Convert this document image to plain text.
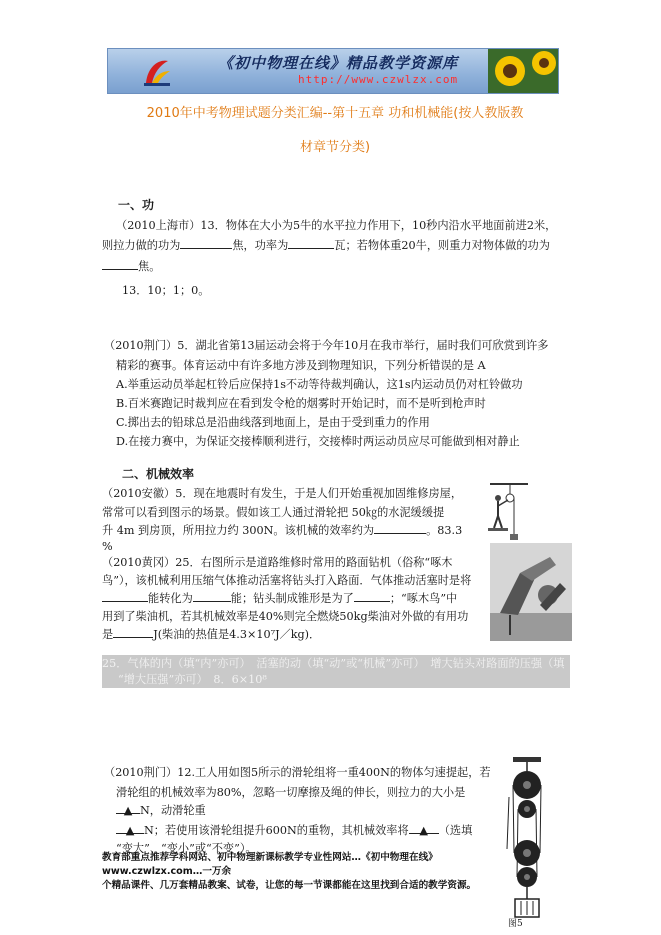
《初中物理在线》精品教学资源库
http://www.czwlzx.com
2010年中考物理试题分类汇编--第十五章 功和机械能(按人教版教
材章节分类)
一、功
（2010上海市）13．物体在大小为5牛的水平拉力作用下，10秒内沿水平地面前进2米，
则拉力做的功为	焦，功率为	瓦；若物体重20牛，则重力对物体做的功为
焦。
13．10；1；0。
（2010荆门）5．湖北省第13届运动会将于今年10月在我市举行，届时我们可欣赏到许多
精彩的赛事。体育运动中有许多地方涉及到物理知识，下列分析错误的是 A
A.举重运动员举起杠铃后应保持1s不动等待裁判确认，这1s内运动员仍对杠铃做功
B.百米赛跑记时裁判应在看到发令枪的烟雾时开始记时，而不是听到枪声时
C.掷出去的铅球总是沿曲线落到地面上，是由于受到重力的作用
D.在接力赛中，为保证交接棒顺利进行，交接棒时两运动员应尽可能做到相对静止
二、机械效率
（2010安徽）5．现在地震时有发生，于是人们开始重视加固维修房屋，
常常可以看到图示的场景。假如该工人通过滑轮把 50㎏的水泥缓缓提
升 4m 到房顶，所用拉力约 300N。该机械的效率约为	。83.3
%
（2010黄冈）25．右图所示是道路维修时常用的路面钻机（俗称“啄木
鸟”），该机械利用压缩气体推动活塞将钻头打入路面．气体推动活塞时是将
能转化为	能；钻头制成锥形是为了	；“啄木鸟”中
用到了柴油机，若其机械效率是40%则完全燃烧50kg柴油对外做的有用功
是	J(柴油的热值是4.3×10⁷J／kg)．
25．气体的内（填“内”亦可）　活塞的动（填“动”或“机械”亦可）　增大钻头对路面的压强（填
“增大压强”亦可）　8．6×10⁸
（2010荆门）12.工人用如图5所示的滑轮组将一重400N的物体匀速提起，若
滑轮组的机械效率为80%，忽略一切摩擦及绳的伸长，则拉力的大小是
▲ N，动滑轮重
▲ N；若使用该滑轮组提升600N的重物，其机械效率将 ▲ （选填
“变大”、“变小”或“不变”）。
图5
教育部重点推荐学科网站、初中物理新课标教学专业性网站…《初中物理在线》www.czwlzx.com…一万余
个精品课件、几万套精品教案、试卷，让您的每一节课都能在这里找到合适的教学资源。
